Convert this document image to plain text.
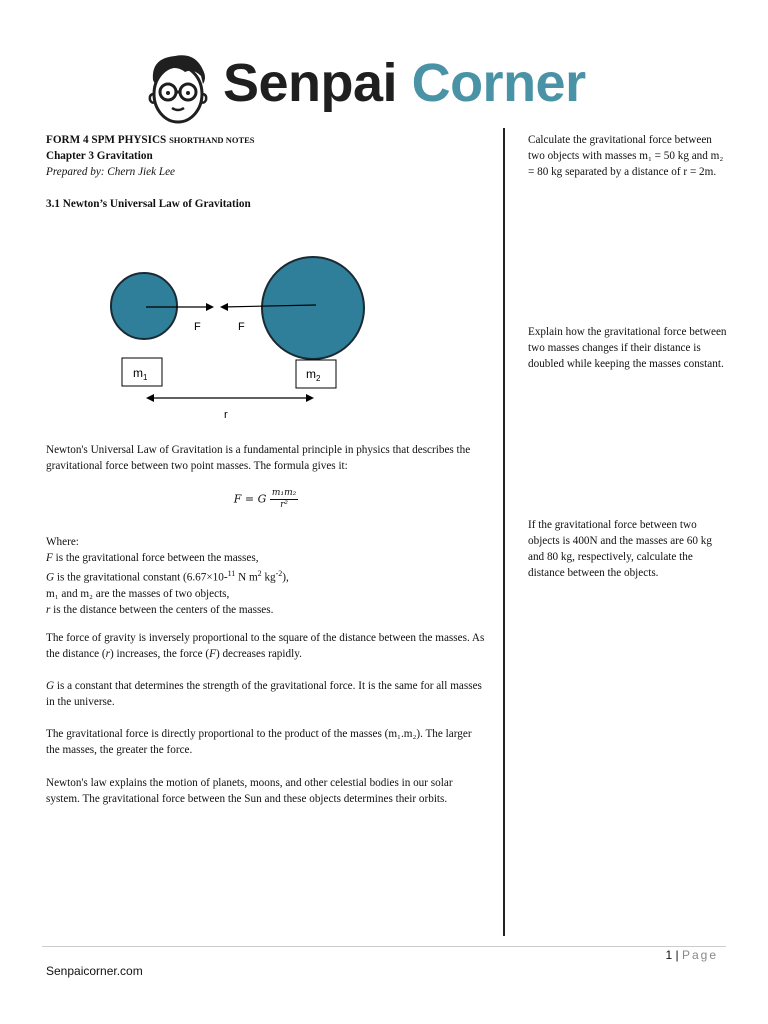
Senpai Corner

FORM 4 SPM PHYSICS SHORTHAND NOTES

Chapter 3 Gravitation

Prepared by: Chern Jiek Lee

3.1 Newton’s Universal Law of Gravitation

F	F
$m_1$	$m_2$
r

Newton's Universal Law of Gravitation is a fundamental principle in physics that describes the gravitational force between two point masses. The formula gives it:

F = G $\frac{\text{m₁m₂}}{\text{r²}}$

Where:

F is the gravitational force between the masses,

G is the gravitational constant (6.67×10-$^{11}$ N $m^2$ $kg^{-2}$),

m₁ and m₂ are the masses of two objects,

r is the distance between the centers of the masses.

The force of gravity is inversely proportional to the square of the distance between the masses. As the distance (r) increases, the force (F) decreases rapidly.

G is a constant that determines the strength of the gravitational force. It is the same for all masses in the universe.

The gravitational force is directly proportional to the product of the masses (m₁.m₂). The larger the masses, the greater the force.

Newton's law explains the motion of planets, moons, and other celestial bodies in our solar system. The gravitational force between the Sun and these objects determines their orbits.

Calculate the gravitational force between two objects with masses m₁ = 50 kg and m₂ = 80 kg separated by a distance of r = 2m.

Explain how the gravitational force between two masses changes if their distance is doubled while keeping the masses constant.

If the gravitational force between two objects is 400N and the masses are 60 kg and 80 kg, respectively, calculate the distance between the objects.

1 | Page
Senpaicorner.com
